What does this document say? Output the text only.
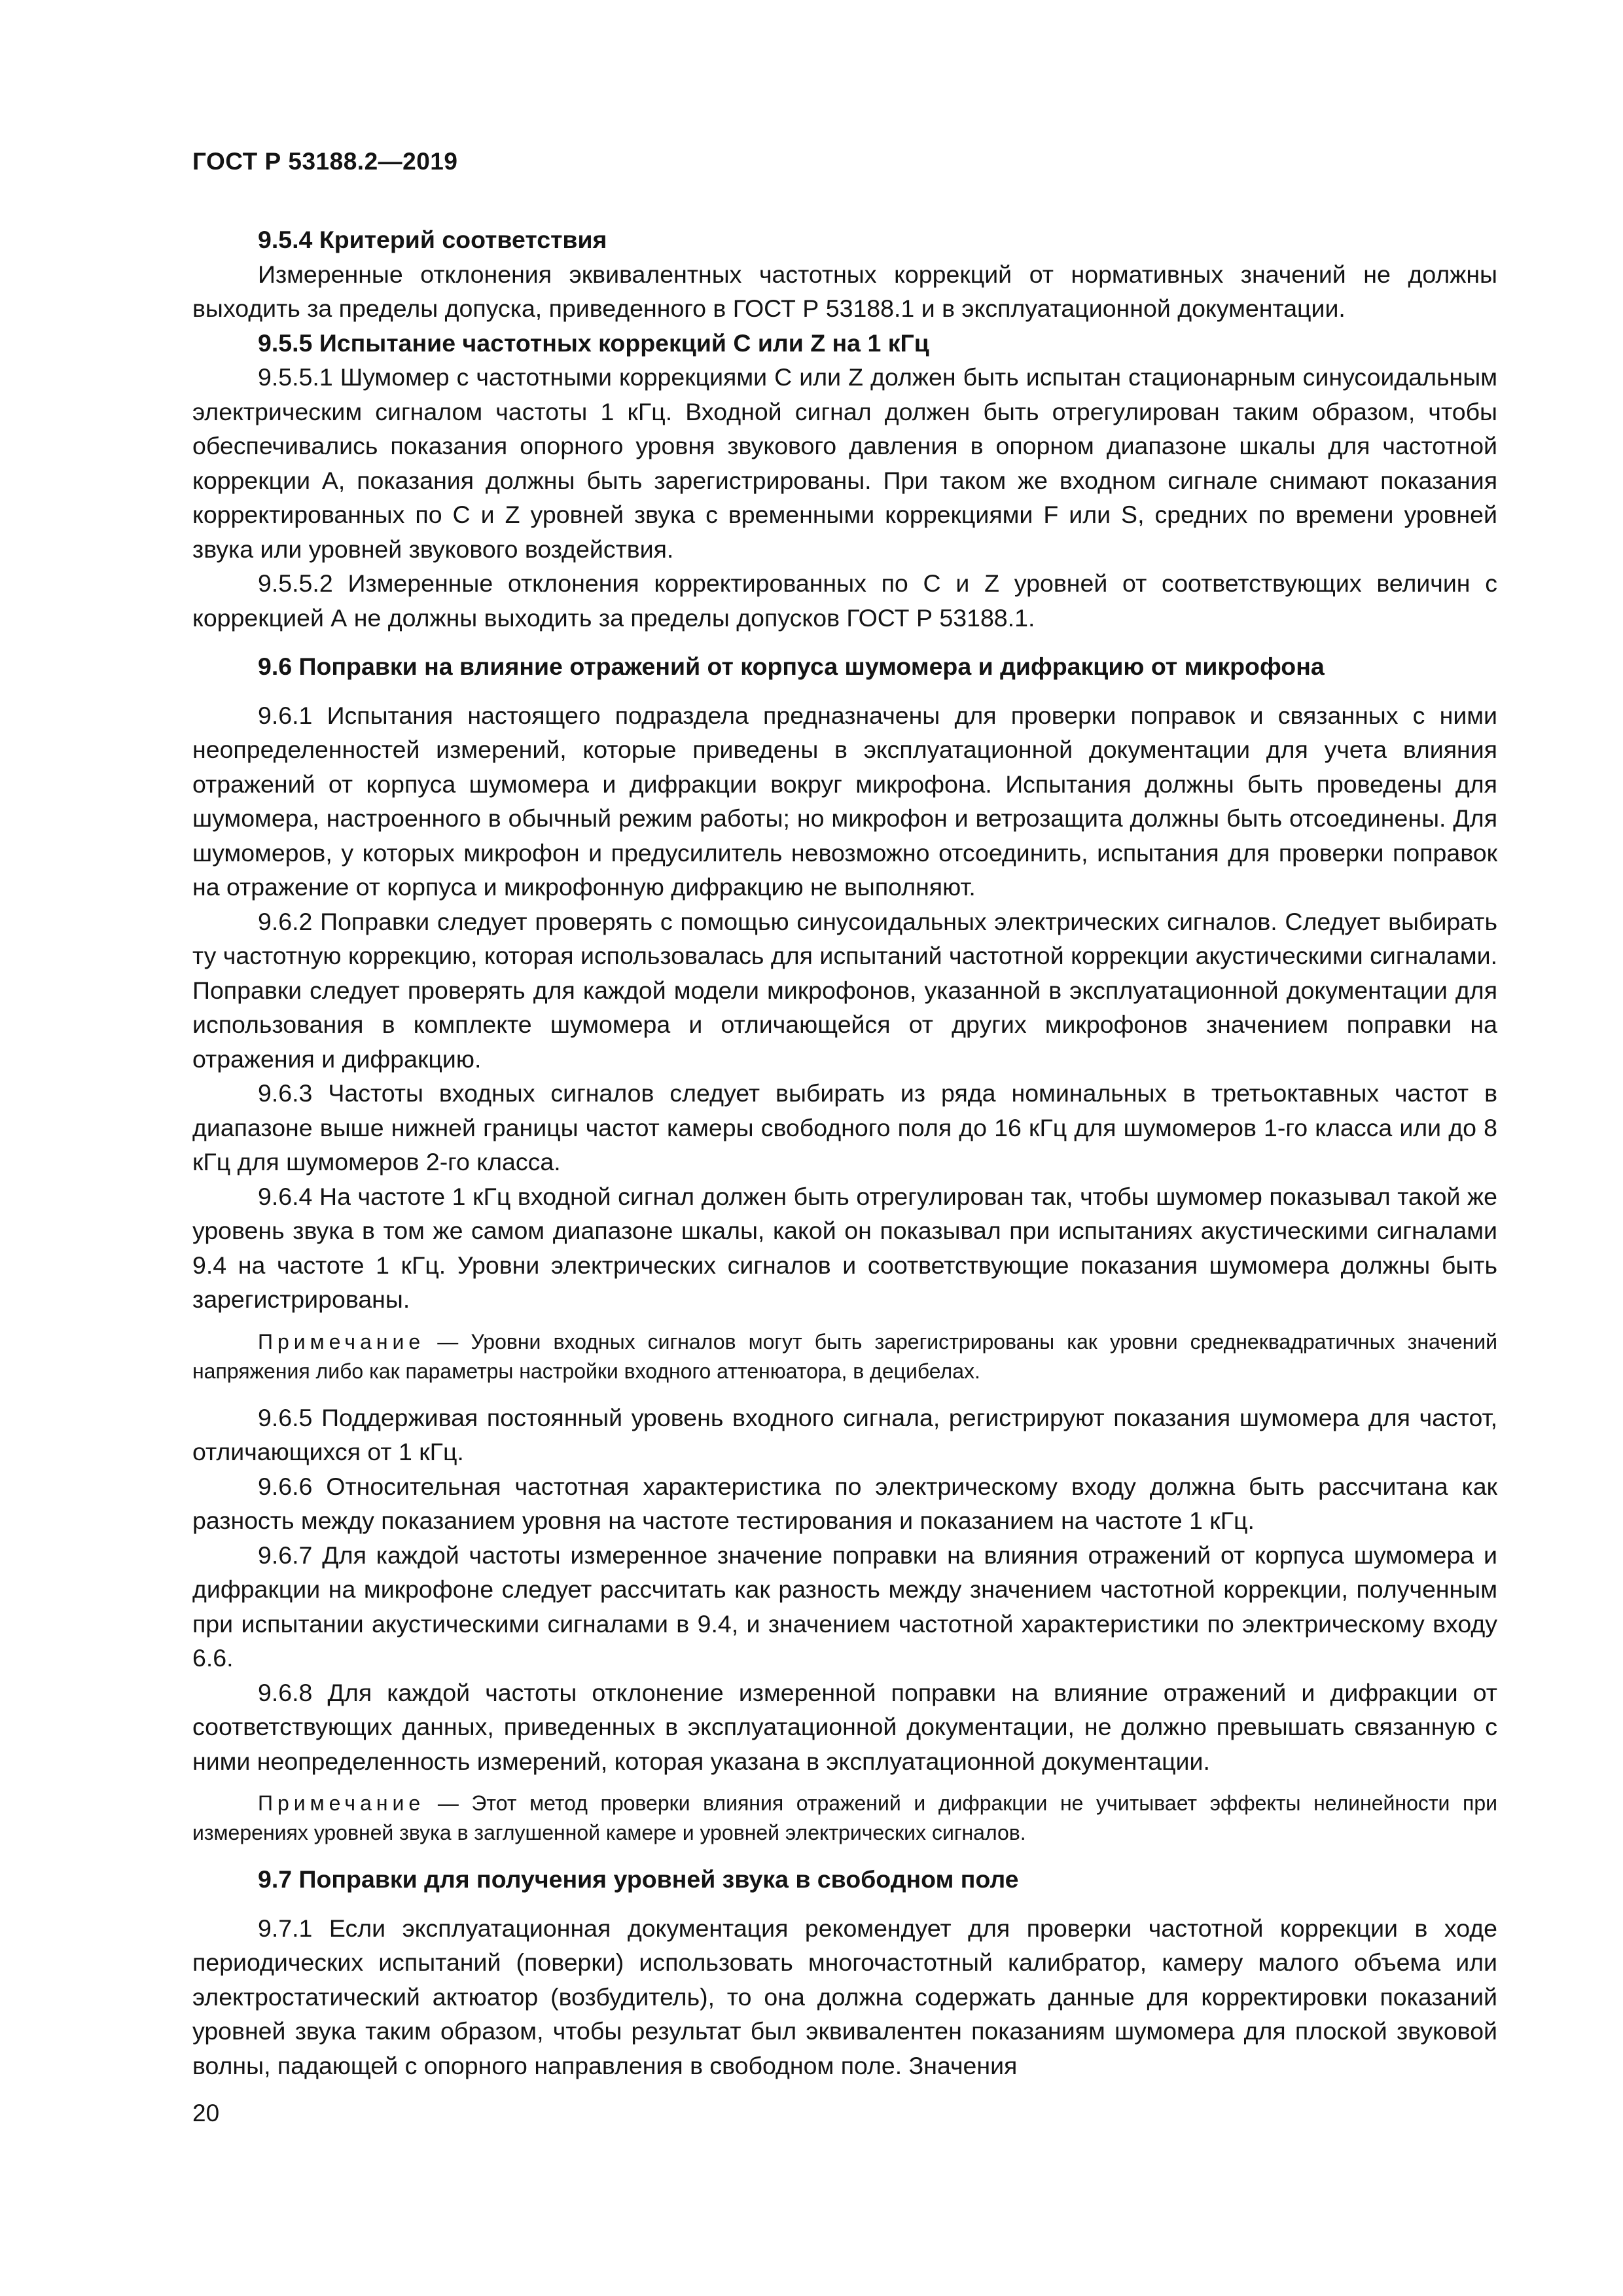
ГОСТ Р 53188.2—2019

9.5.4 Критерий соответствия

Измеренные отклонения эквивалентных частотных коррекций от нормативных значений не должны выходить за пределы допуска, приведенного в ГОСТ Р 53188.1 и в эксплуатационной документации.

9.5.5 Испытание частотных коррекций С или Z на 1 кГц

9.5.5.1 Шумомер с частотными коррекциями С или Z должен быть испытан стационарным синусоидальным электрическим сигналом частоты 1 кГц. Входной сигнал должен быть отрегулирован таким образом, чтобы обеспечивались показания опорного уровня звукового давления в опорном диапазоне шкалы для частотной коррекции А, показания должны быть зарегистрированы. При таком же входном сигнале снимают показания корректированных по С и Z уровней звука с временными коррекциями F или S, средних по времени уровней звука или уровней звукового воздействия.

9.5.5.2 Измеренные отклонения корректированных по С и Z уровней от соответствующих величин с коррекцией А не должны выходить за пределы допусков ГОСТ Р 53188.1.

9.6 Поправки на влияние отражений от корпуса шумомера и дифракцию от микрофона

9.6.1 Испытания настоящего подраздела предназначены для проверки поправок и связанных с ними неопределенностей измерений, которые приведены в эксплуатационной документации для учета влияния отражений от корпуса шумомера и дифракции вокруг микрофона. Испытания должны быть проведены для шумомера, настроенного в обычный режим работы; но микрофон и ветрозащита должны быть отсоединены. Для шумомеров, у которых микрофон и предусилитель невозможно отсоединить, испытания для проверки поправок на отражение от корпуса и микрофонную дифракцию не выполняют.

9.6.2 Поправки следует проверять с помощью синусоидальных электрических сигналов. Следует выбирать ту частотную коррекцию, которая использовалась для испытаний частотной коррекции акустическими сигналами. Поправки следует проверять для каждой модели микрофонов, указанной в эксплуатационной документации для использования в комплекте шумомера и отличающейся от других микрофонов значением поправки на отражения и дифракцию.

9.6.3 Частоты входных сигналов следует выбирать из ряда номинальных в третьоктавных частот в диапазоне выше нижней границы частот камеры свободного поля до 16 кГц для шумомеров 1-го класса или до 8 кГц для шумомеров 2-го класса.

9.6.4 На частоте 1 кГц входной сигнал должен быть отрегулирован так, чтобы шумомер показывал такой же уровень звука в том же самом диапазоне шкалы, какой он показывал при испытаниях акустическими сигналами 9.4 на частоте 1 кГц. Уровни электрических сигналов и соответствующие показания шумомера должны быть зарегистрированы.

Примечание — Уровни входных сигналов могут быть зарегистрированы как уровни среднеквадратичных значений напряжения либо как параметры настройки входного аттенюатора, в децибелах.

9.6.5 Поддерживая постоянный уровень входного сигнала, регистрируют показания шумомера для частот, отличающихся от 1 кГц.

9.6.6 Относительная частотная характеристика по электрическому входу должна быть рассчитана как разность между показанием уровня на частоте тестирования и показанием на частоте 1 кГц.

9.6.7 Для каждой частоты измеренное значение поправки на влияния отражений от корпуса шумомера и дифракции на микрофоне следует рассчитать как разность между значением частотной коррекции, полученным при испытании акустическими сигналами в 9.4, и значением частотной характеристики по электрическому входу 6.6.

9.6.8 Для каждой частоты отклонение измеренной поправки на влияние отражений и дифракции от соответствующих данных, приведенных в эксплуатационной документации, не должно превышать связанную с ними неопределенность измерений, которая указана в эксплуатационной документации.

Примечание — Этот метод проверки влияния отражений и дифракции не учитывает эффекты нелинейности при измерениях уровней звука в заглушенной камере и уровней электрических сигналов.

9.7 Поправки для получения уровней звука в свободном поле

9.7.1 Если эксплуатационная документация рекомендует для проверки частотной коррекции в ходе периодических испытаний (поверки) использовать многочастотный калибратор, камеру малого объема или электростатический актюатор (возбудитель), то она должна содержать данные для корректировки показаний уровней звука таким образом, чтобы результат был эквивалентен показаниям шумомера для плоской звуковой волны, падающей с опорного направления в свободном поле. Значения

20
